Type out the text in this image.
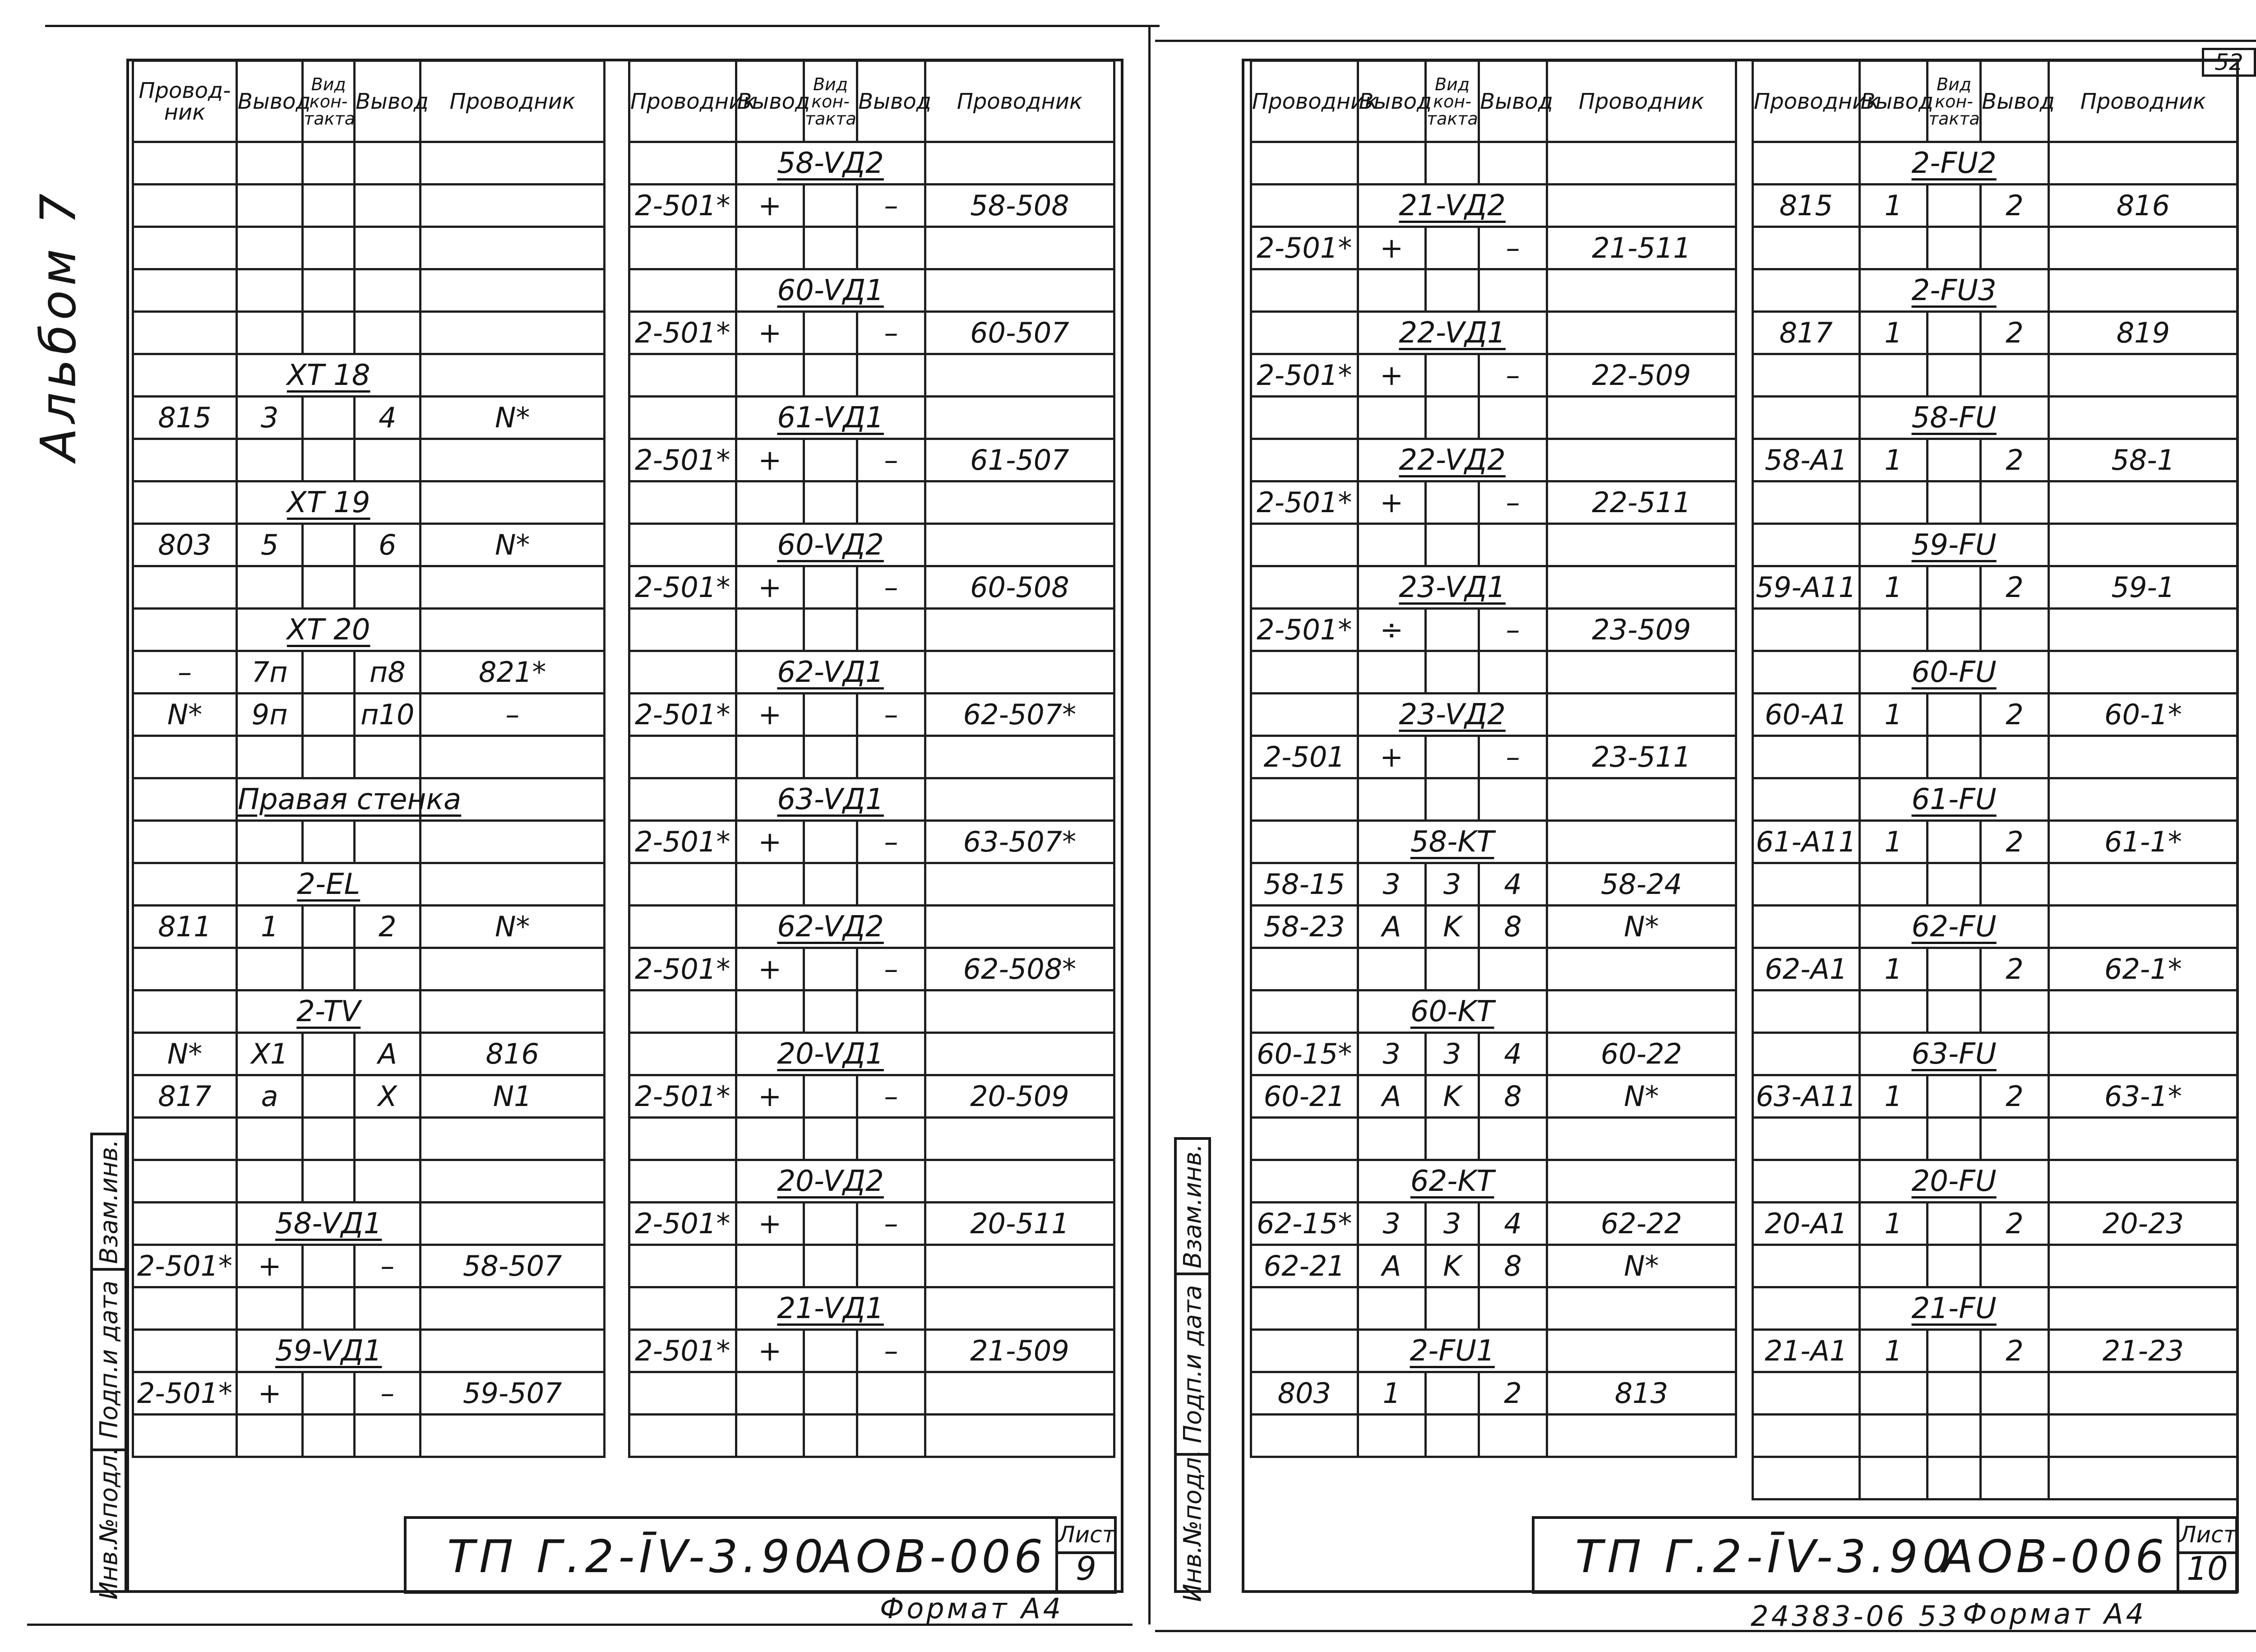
Альбом 7
Взам.инв.
Подп.и дата
Инв.№подл.
Провод-ник	Вывод	Вид кон-такта	Вывод	Проводник

	ХТ 18			
815	3		4	N*

	ХТ 19			
803	5		6	N*

	ХТ 20			
–	7п		п8	821*
N*	9п		п10	–

	Правая стенка			

	2-EL			
811	1		2	N*

	2-TV			
N*	X1		A	816
817	a		X	N1

	58-VД1			
2-501*	+		–	58-507

	59-VД1			
2-501*	+		–	59-507

Проводник	Вывод	Вид кон-такта	Вывод	Проводник
	58-VД2			
2-501*	+		–	58-508

	60-VД1			
2-501*	+		–	60-507

	61-VД1			
2-501*	+		–	61-507

	60-VД2			
2-501*	+		–	60-508

	62-VД1			
2-501*	+		–	62-507*

	63-VД1			
2-501*	+		–	63-507*

	62-VД2			
2-501*	+		–	62-508*

	20-VД1			
2-501*	+		–	20-509

	20-VД2			
2-501*	+		–	20-511

	21-VД1			
2-501*	+		–	21-509

ТП Г.2-ĪV-3.90
АОВ-006 Лист
9
Формат А4
52
Взам.инв.
Подп.и дата
Инв.№подл.
Проводник	Вывод	Вид кон-такта	Вывод	Проводник

	21-VД2			
2-501*	+		–	21-511

	22-VД1			
2-501*	+		–	22-509

	22-VД2			
2-501*	+		–	22-511

	23-VД1			
2-501*	÷		–	23-509

	23-VД2			
2-501	+		–	23-511

	58-KT			
58-15	3	3	4	58-24
58-23	A	K	8	N*

	60-KT			
60-15*	3	3	4	60-22
60-21	A	K	8	N*

	62-KT			
62-15*	3	3	4	62-22
62-21	A	K	8	N*

	2-FU1			
803	1		2	813

Проводник	Вывод	Вид кон-такта	Вывод	Проводник
	2-FU2			
815	1		2	816

	2-FU3			
817	1		2	819

	58-FU			
58-A1	1		2	58-1

	59-FU			
59-A11	1		2	59-1

	60-FU			
60-A1	1		2	60-1*

	61-FU			
61-A11	1		2	61-1*

	62-FU			
62-A1	1		2	62-1*

	63-FU			
63-A11	1		2	63-1*

	20-FU			
20-A1	1		2	20-23

	21-FU			
21-A1	1		2	21-23

ТП Г.2-ĪV-3.90
АОВ-006 Лист
10
24383-06 53 Формат А4
